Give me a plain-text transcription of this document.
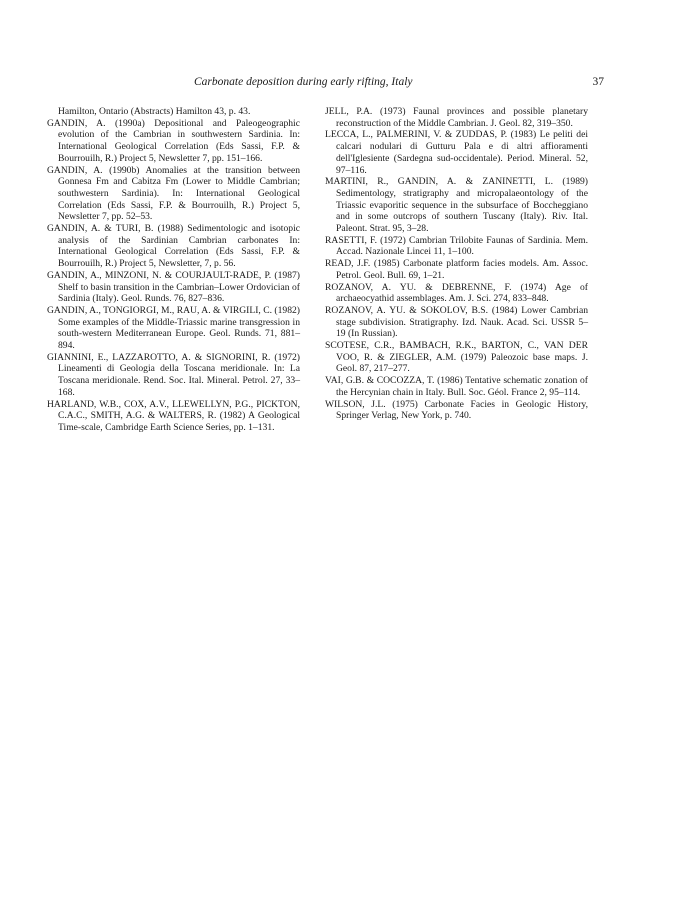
Carbonate deposition during early rifting, Italy	37

Hamilton, Ontario (Abstracts) Hamilton 43, p. 43.

GANDIN, A. (1990a) Depositional and Paleogeographic evolution of the Cambrian in southwestern Sardinia. In: International Geological Correlation (Eds Sassi, F.P. & Bourrouilh, R.) Project 5, Newsletter 7, pp. 151–166.

GANDIN, A. (1990b) Anomalies at the transition between Gonnesa Fm and Cabitza Fm (Lower to Middle Cambrian; southwestern Sardinia). In: International Geological Correlation (Eds Sassi, F.P. & Bourrouilh, R.) Project 5, Newsletter 7, pp. 52–53.

GANDIN, A. & TURI, B. (1988) Sedimentologic and isotopic analysis of the Sardinian Cambrian carbonates In: International Geological Correlation (Eds Sassi, F.P. & Bourrouilh, R.) Project 5, Newsletter, 7, p. 56.

GANDIN, A., MINZONI, N. & COURJAULT-RADE, P. (1987) Shelf to basin transition in the Cambrian–Lower Ordovician of Sardinia (Italy). Geol. Runds. 76, 827–836.

GANDIN, A., TONGIORGI, M., RAU, A. & VIRGILI, C. (1982) Some examples of the Middle-Triassic marine transgression in south-western Mediterranean Europe. Geol. Runds. 71, 881–894.

GIANNINI, E., LAZZAROTTO, A. & SIGNORINI, R. (1972) Lineamenti di Geologia della Toscana meridionale. In: La Toscana meridionale. Rend. Soc. Ital. Mineral. Petrol. 27, 33–168.

HARLAND, W.B., COX, A.V., LLEWELLYN, P.G., PICKTON, C.A.C., SMITH, A.G. & WALTERS, R. (1982) A Geological Time-scale, Cambridge Earth Science Series, pp. 1–131.

JELL, P.A. (1973) Faunal provinces and possible planetary reconstruction of the Middle Cambrian. J. Geol. 82, 319–350.

LECCA, L., PALMERINI, V. & ZUDDAS, P. (1983) Le peliti dei calcari nodulari di Gutturu Pala e di altri affioramenti dell'Iglesiente (Sardegna sud-occidentale). Period. Mineral. 52, 97–116.

MARTINI, R., GANDIN, A. & ZANINETTI, L. (1989) Sedimentology, stratigraphy and micropalaeontology of the Triassic evaporitic sequence in the subsurface of Boccheggiano and in some outcrops of southern Tuscany (Italy). Riv. Ital. Paleont. Strat. 95, 3–28.

RASETTI, F. (1972) Cambrian Trilobite Faunas of Sardinia. Mem. Accad. Nazionale Lincei 11, 1–100.

READ, J.F. (1985) Carbonate platform facies models. Am. Assoc. Petrol. Geol. Bull. 69, 1–21.

ROZANOV, A. YU. & DEBRENNE, F. (1974) Age of archaeocyathid assemblages. Am. J. Sci. 274, 833–848.

ROZANOV, A. YU. & SOKOLOV, B.S. (1984) Lower Cambrian stage subdivision. Stratigraphy. Izd. Nauk. Acad. Sci. USSR 5–19 (In Russian).

SCOTESE, C.R., BAMBACH, R.K., BARTON, C., VAN DER VOO, R. & ZIEGLER, A.M. (1979) Paleozoic base maps. J. Geol. 87, 217–277.

VAI, G.B. & COCOZZA, T. (1986) Tentative schematic zonation of the Hercynian chain in Italy. Bull. Soc. Géol. France 2, 95–114.

WILSON, J.L. (1975) Carbonate Facies in Geologic History, Springer Verlag, New York, p. 740.
